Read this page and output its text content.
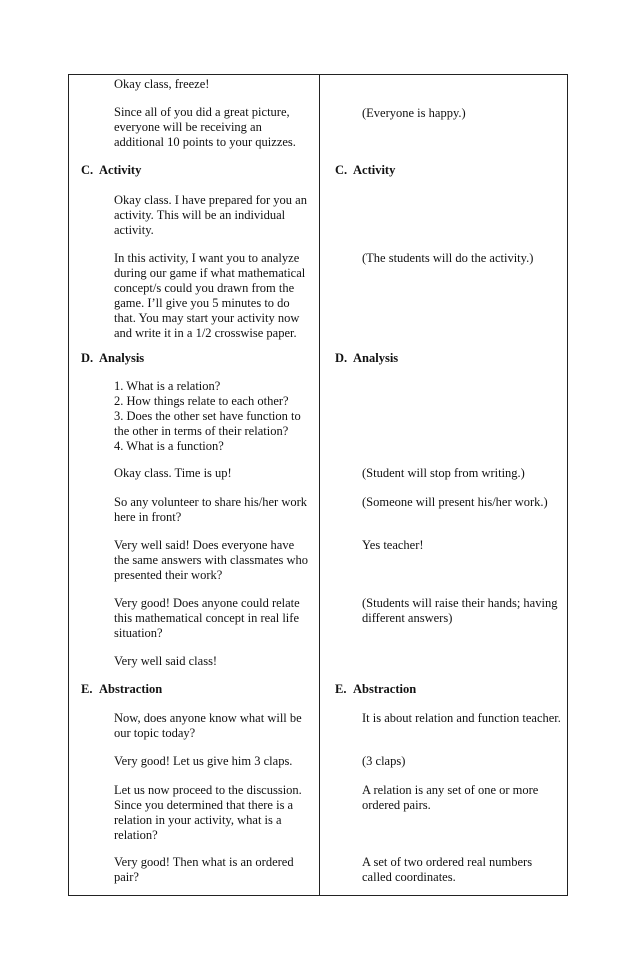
Okay class, freeze!
Since all of you did a great picture,
everyone will be receiving an
additional 10 points to your quizzes.
C. Activity
Okay class. I have prepared for you an
activity. This will be an individual
activity.
In this activity, I want you to analyze
during our game if what mathematical
concept/s could you drawn from the
game. I’ll give you 5 minutes to do
that. You may start your activity now
and write it in a 1/2 crosswise paper.
D. Analysis
1. What is a relation?
2. How things relate to each other?
3. Does the other set have function to
the other in terms of their relation?
4. What is a function?
Okay class. Time is up!
So any volunteer to share his/her work
here in front?
Very well said! Does everyone have
the same answers with classmates who
presented their work?
Very good! Does anyone could relate
this mathematical concept in real life
situation?
Very well said class!
E. Abstraction
Now, does anyone know what will be
our topic today?
Very good! Let us give him 3 claps.
Let us now proceed to the discussion.
Since you determined that there is a
relation in your activity, what is a
relation?
Very good! Then what is an ordered
pair?
(Everyone is happy.)
C. Activity
(The students will do the activity.)
D. Analysis
(Student will stop from writing.)
(Someone will present his/her work.)
Yes teacher!
(Students will raise their hands; having
different answers)
E. Abstraction
It is about relation and function teacher.
(3 claps)
A relation is any set of one or more
ordered pairs.
A set of two ordered real numbers
called coordinates.
